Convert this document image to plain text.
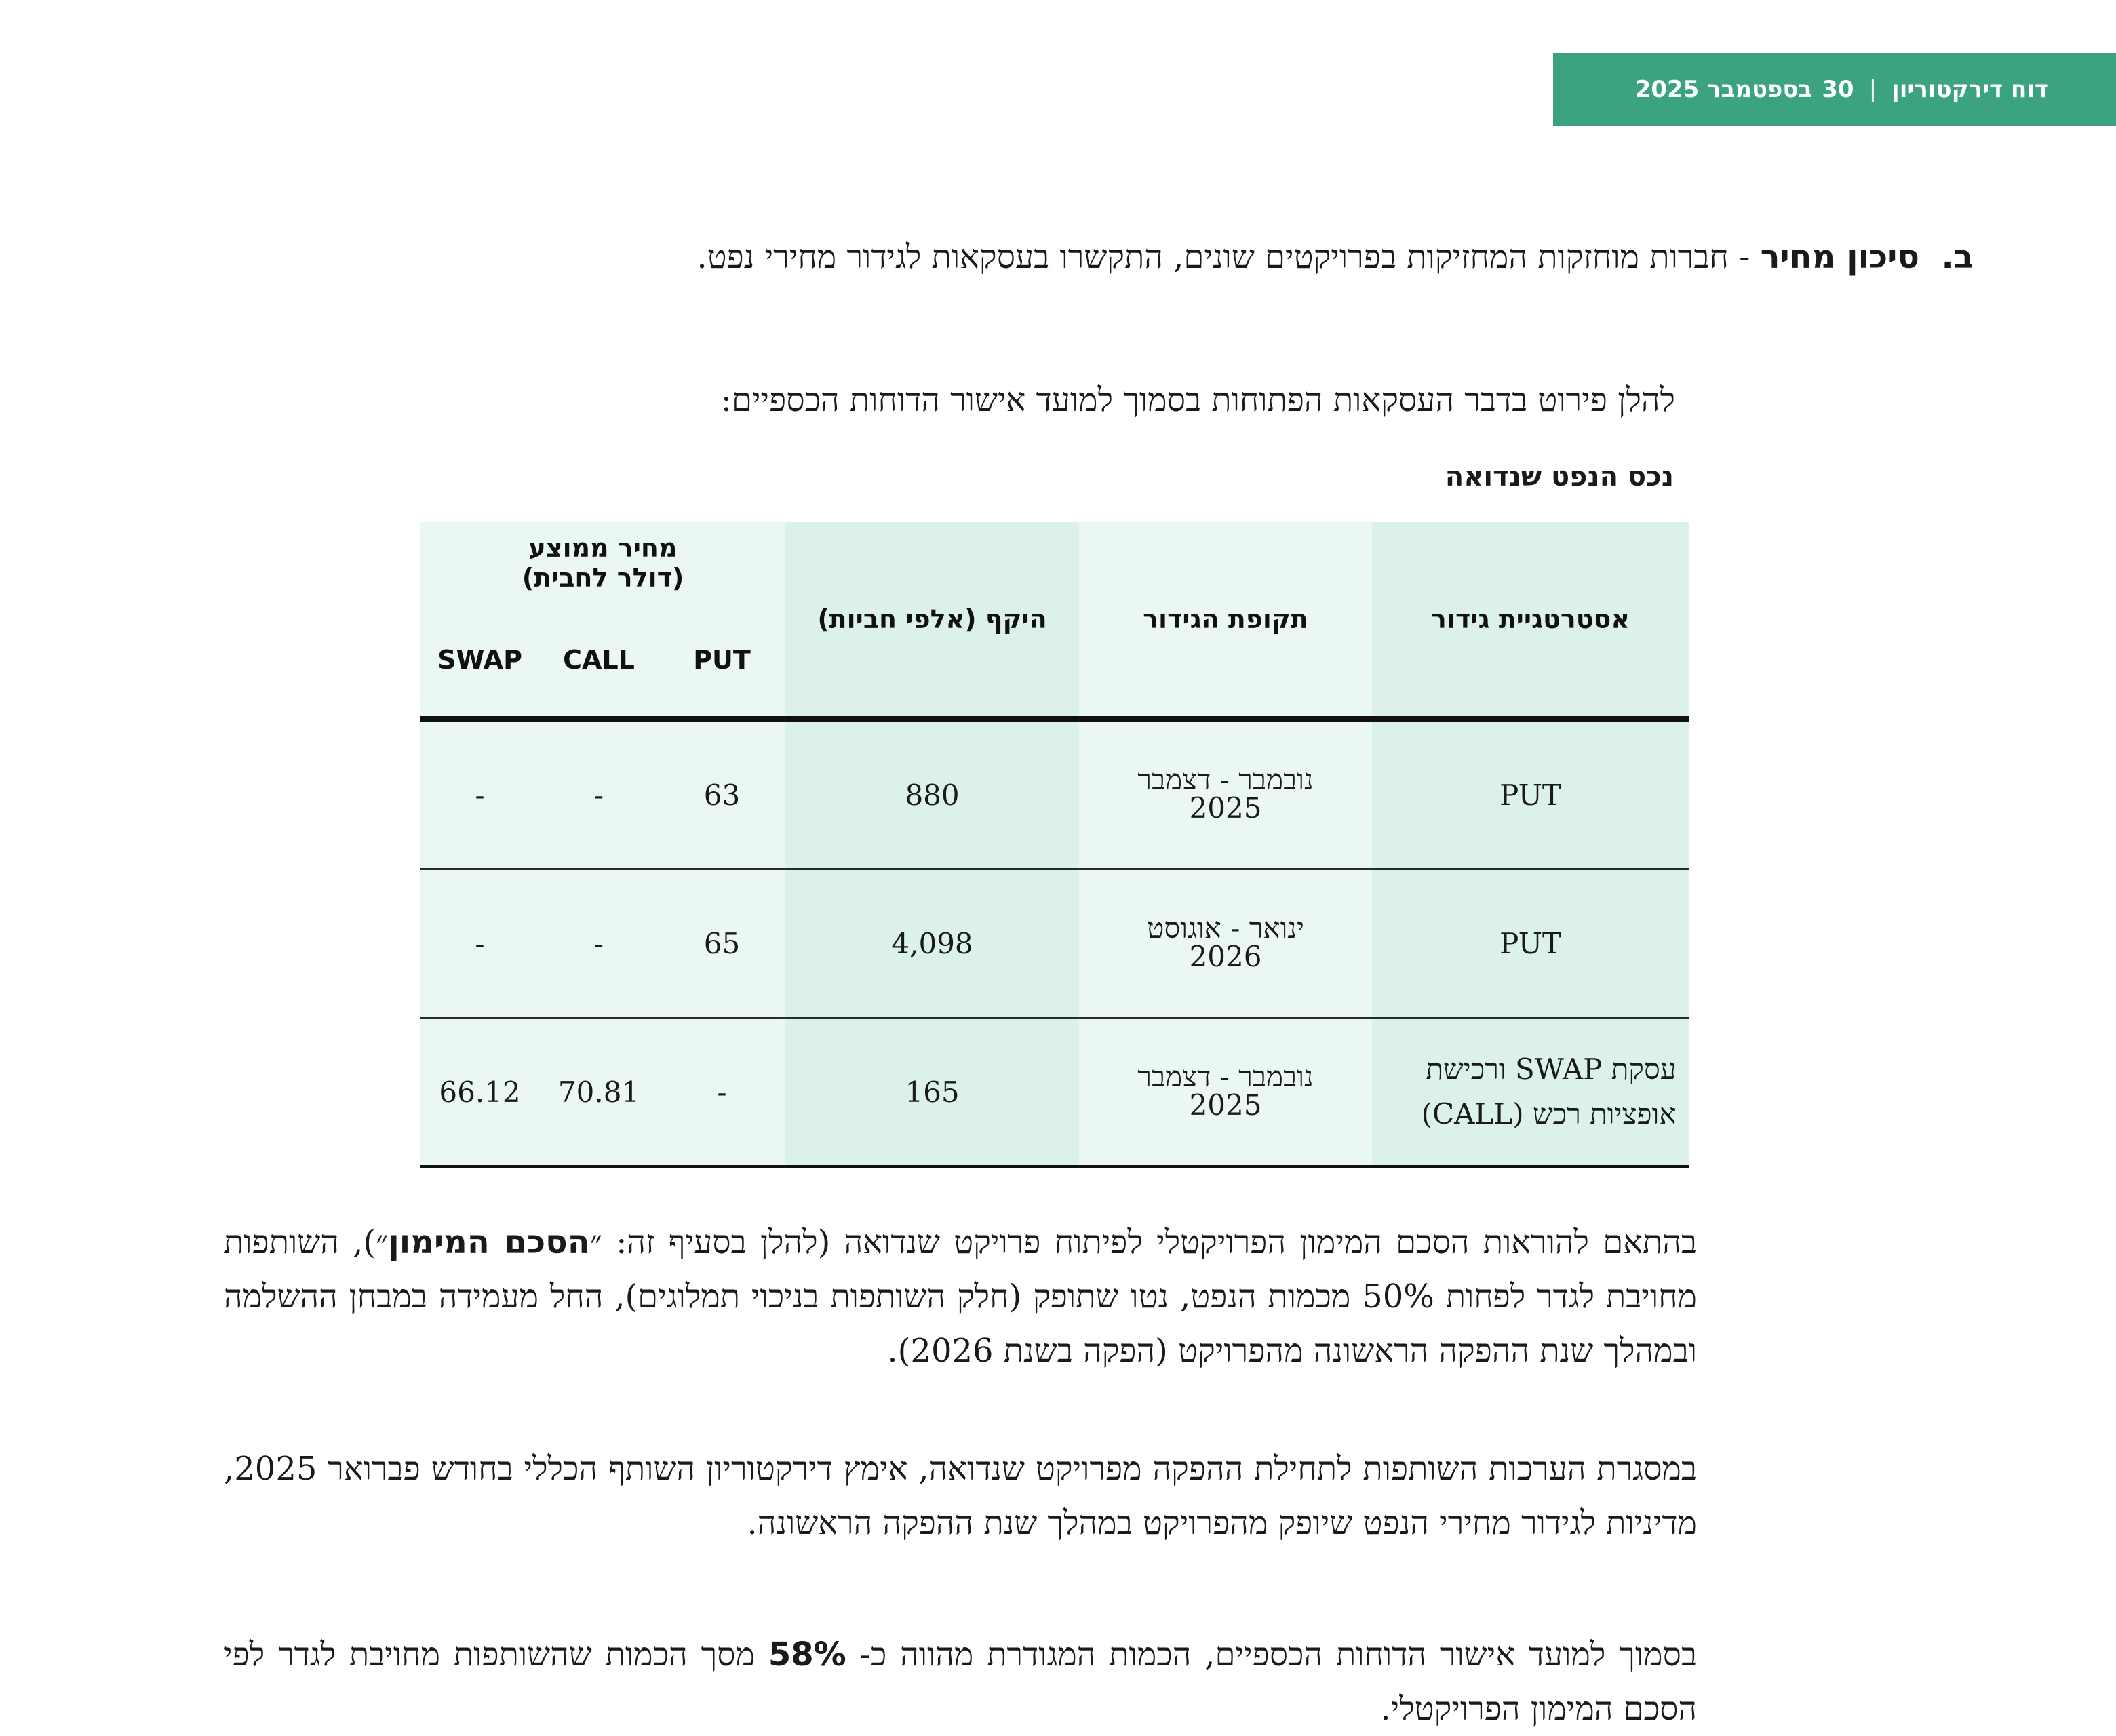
דוח דירקטוריון
|
30
בספטמבר 2025
ב.
סיכון מחיר - חברות מוחזקות המחזיקות בפרויקטים שונים, התקשרו בעסקאות לגידור מחירי נפט.
להלן פירוט בדבר העסקאות הפתוחות בסמוך למועד אישור הדוחות הכספיים:
נכס הנפט שנדואה
אסטרטגיית גידור	תקופת הגידור	היקף (אלפי חביות)	מחיר ממוצע
(דולר לחבית)		

			PUT	CALL	SWAP
PUT	נובמבר - דצמבר 2025	880	63	-	-
PUT	ינואר - אוגוסט 2026	4,098	65	-	-
עסקת SWAP ורכישת אופציות רכש (CALL)	נובמבר - דצמבר 2025	165	-	70.81	66.12
בהתאם להוראות הסכם המימון הפרויקטלי לפיתוח פרויקט שנדואה (להלן בסעיף זה: ״הסכם המימון״), השותפות מחויבת לגדר לפחות 50% מכמות הנפט, נטו שתופק (חלק השותפות בניכוי תמלוגים), החל מעמידה במבחן ההשלמה ובמהלך שנת ההפקה הראשונה מהפרויקט (הפקה בשנת 2026).
במסגרת הערכות השותפות לתחילת ההפקה מפרויקט שנדואה, אימץ דירקטוריון השותף הכללי בחודש פברואר 2025, מדיניות לגידור מחירי הנפט שיופק מהפרויקט במהלך שנת ההפקה הראשונה.
בסמוך למועד אישור הדוחות הכספיים, הכמות המגודרת מהווה כ- 58% מסך הכמות שהשותפות מחויבת לגדר לפי הסכם המימון הפרויקטלי.
